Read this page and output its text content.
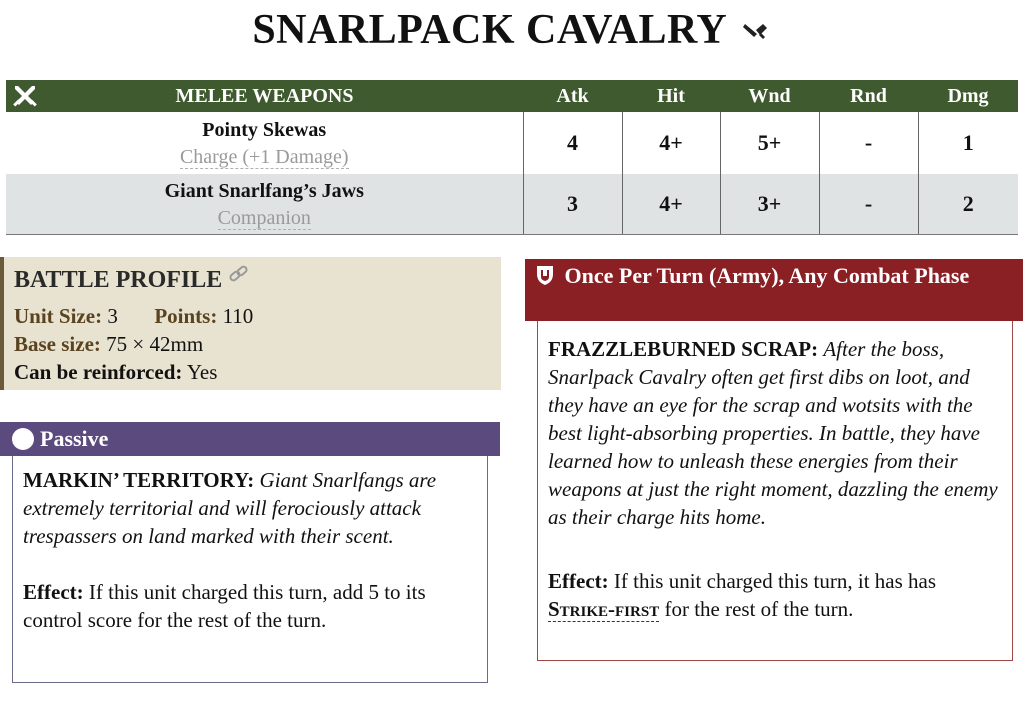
SNARLPACK CAVALRY
MELEE WEAPONS	Atk	Hit	Wnd	Rnd	Dmg

Pointy Skewas
Charge (+1 Damage)	4	4+	5+	-	1

Giant Snarlfang’s Jaws
Companion	3	4+	3+	-	2
BATTLE PROFILE
Unit Size: 3 Points: 110
Base size: 75 × 42mm
Can be reinforced: Yes
Passive
MARKIN’ TERRITORY: Giant Snarlfangs are extremely territorial and will ferociously attack trespassers on land marked with their scent.
Effect: If this unit charged this turn, add 5 to its control score for the rest of the turn.
Once Per Turn (Army), Any Combat Phase
FRAZZLEBURNED SCRAP: After the boss, Snarlpack Cavalry often get first dibs on loot, and they have an eye for the scrap and wotsits with the best light-absorbing properties. In battle, they have learned how to unleash these energies from their weapons at just the right moment, dazzling the enemy as their charge hits home.
Effect: If this unit charged this turn, it has has Strike-first for the rest of the turn.
